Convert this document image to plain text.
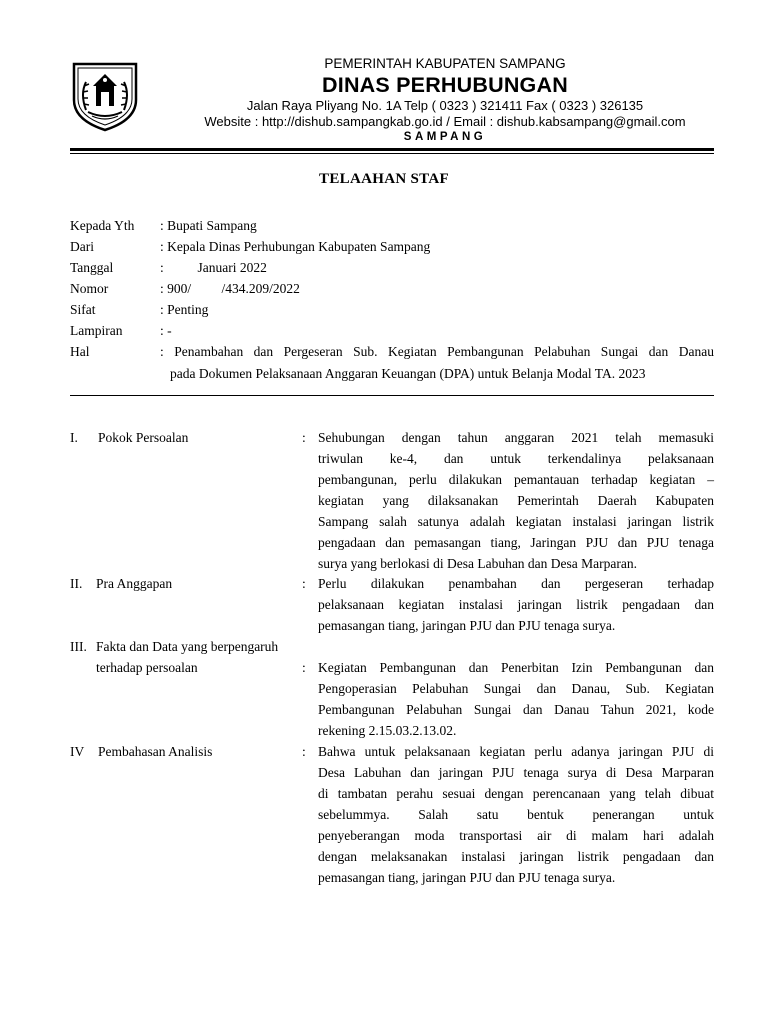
PEMERINTAH KABUPATEN SAMPANG
DINAS PERHUBUNGAN
Jalan Raya Pliyang No. 1A Telp ( 0323 ) 321411 Fax ( 0323 ) 326135
Website : http://dishub.sampangkab.go.id / Email : dishub.kabsampang@gmail.com
SAMPANG
TELAAHAN STAF
Kepada Yth	: Bupati Sampang
Dari	: Kepala Dinas Perhubungan Kabupaten Sampang
Tanggal	:          Januari 2022
Nomor	: 900/         /434.209/2022
Sifat	: Penting
Lampiran	: -
Hal	: Penambahan dan Pergeseran Sub. Kegiatan Pembangunan Pelabuhan Sungai dan Danau
pada Dokumen Pelaksanaan Anggaran Keuangan (DPA) untuk Belanja Modal TA. 2023
I. Pokok Persoalan	: Sehubungan dengan tahun anggaran 2021 telah memasuki
triwulan ke-4, dan untuk terkendalinya pelaksanaan
pembangunan, perlu dilakukan pemantauan terhadap kegiatan –
kegiatan yang dilaksanakan Pemerintah Daerah Kabupaten
Sampang salah satunya adalah kegiatan instalasi jaringan listrik
pengadaan dan pemasangan tiang, Jaringan PJU dan PJU tenaga
surya yang berlokasi di Desa Labuhan dan Desa Marparan.
II. Pra Anggapan	: Perlu dilakukan penambahan dan pergeseran terhadap
pelaksanaan kegiatan instalasi jaringan listrik pengadaan dan
pemasangan tiang, jaringan PJU dan PJU tenaga surya.
III. Fakta dan Data yang berpengaruh
terhadap persoalan	: Kegiatan Pembangunan dan Penerbitan Izin Pembangunan dan
Pengoperasian Pelabuhan Sungai dan Danau, Sub. Kegiatan
Pembangunan Pelabuhan Sungai dan Danau Tahun 2021, kode
rekening 2.15.03.2.13.02.
IV Pembahasan Analisis	: Bahwa untuk pelaksanaan kegiatan perlu adanya jaringan PJU di
Desa Labuhan dan jaringan PJU tenaga surya di Desa Marparan
di tambatan perahu sesuai dengan perencanaan yang telah dibuat
sebelummya. Salah satu bentuk penerangan untuk
penyeberangan moda transportasi air di malam hari adalah
dengan melaksanakan instalasi jaringan listrik pengadaan dan
pemasangan tiang, jaringan PJU dan PJU tenaga surya.
